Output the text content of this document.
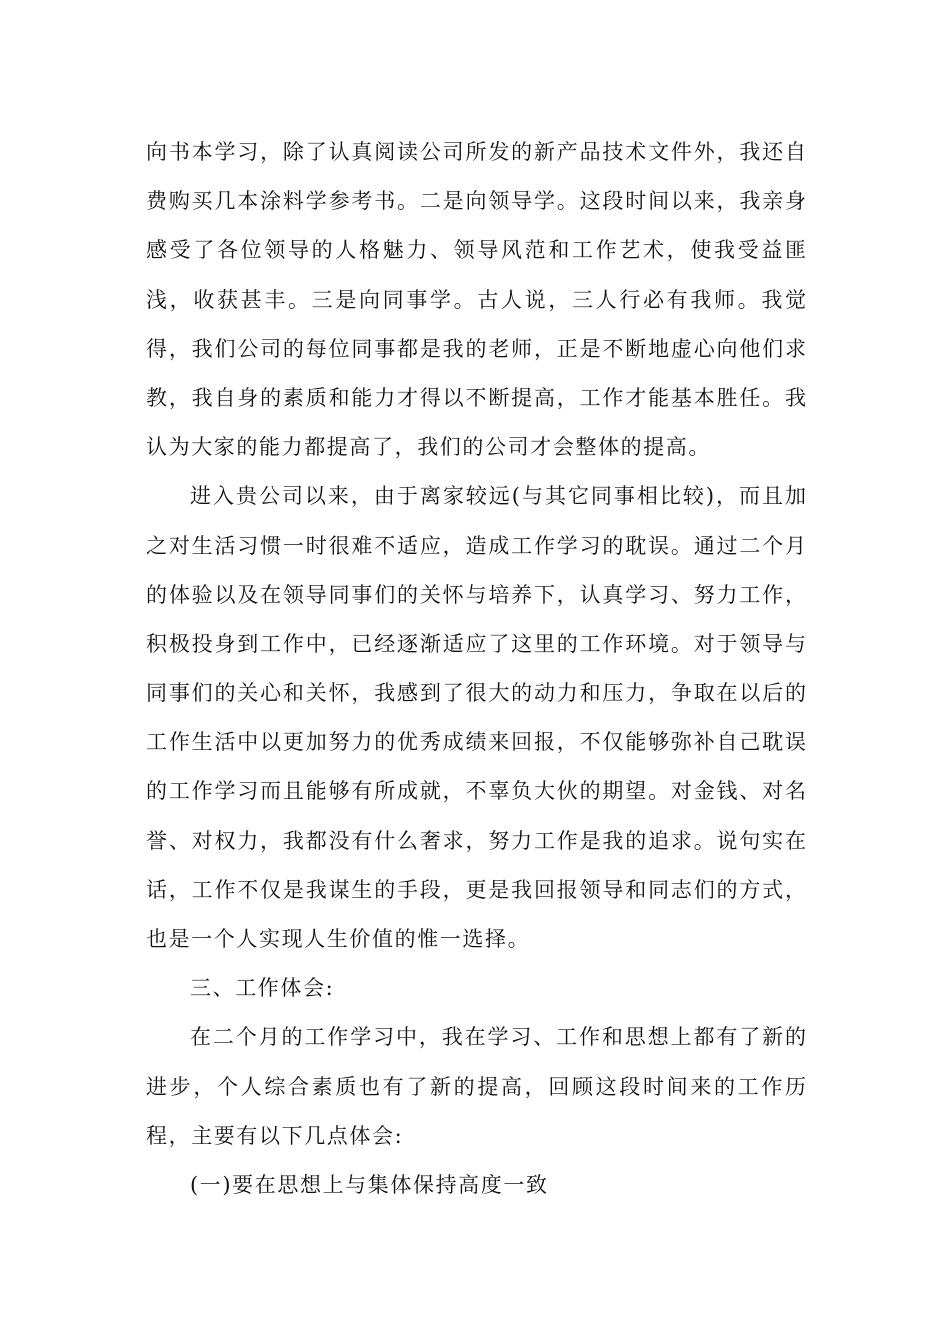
向书本学习，除了认真阅读公司所发的新产品技术文件外，我还自
费购买几本涂料学参考书。二是向领导学。这段时间以来，我亲身
感受了各位领导的人格魅力、领导风范和工作艺术，使我受益匪
浅，收获甚丰。三是向同事学。古人说，三人行必有我师。我觉
得，我们公司的每位同事都是我的老师，正是不断地虚心向他们求
教，我自身的素质和能力才得以不断提高，工作才能基本胜任。我
认为大家的能力都提高了，我们的公司才会整体的提高。
进入贵公司以来，由于离家较远(与其它同事相比较)，而且加
之对生活习惯一时很难不适应，造成工作学习的耽误。通过二个月
的体验以及在领导同事们的关怀与培养下，认真学习、努力工作，
积极投身到工作中，已经逐渐适应了这里的工作环境。对于领导与
同事们的关心和关怀，我感到了很大的动力和压力，争取在以后的
工作生活中以更加努力的优秀成绩来回报，不仅能够弥补自己耽误
的工作学习而且能够有所成就，不辜负大伙的期望。对金钱、对名
誉、对权力，我都没有什么奢求，努力工作是我的追求。说句实在
话，工作不仅是我谋生的手段，更是我回报领导和同志们的方式，
也是一个人实现人生价值的惟一选择。
三、工作体会:
在二个月的工作学习中，我在学习、工作和思想上都有了新的
进步，个人综合素质也有了新的提高，回顾这段时间来的工作历
程，主要有以下几点体会:
(一)要在思想上与集体保持高度一致
